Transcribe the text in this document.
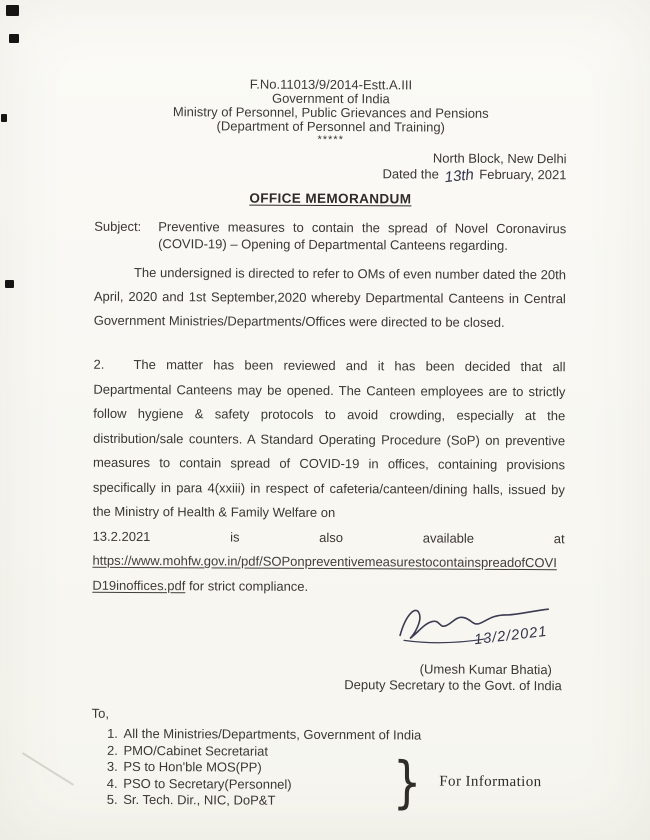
F.No.11013/9/2014-Estt.A.III
Government of India
Ministry of Personnel, Public Grievances and Pensions
(Department of Personnel and Training)
*****
North Block, New Delhi
Dated the 13th February, 2021
OFFICE MEMORANDUM
Subject:	Preventive measures to contain the spread of Novel Coronavirus (COVID-19) – Opening of Departmental Canteens regarding.

The undersigned is directed to refer to OMs of even number dated the 20th April, 2020 and 1st September,2020 whereby Departmental Canteens in Central Government Ministries/Departments/Offices were directed to be closed.

2. The matter has been reviewed and it has been decided that all Departmental Canteens may be opened. The Canteen employees are to strictly follow hygiene & safety protocols to avoid crowding, especially at the distribution/sale counters. A Standard Operating Procedure (SoP) on preventive measures to contain spread of COVID-19 in offices, containing provisions specifically in para 4(xxiii) in respect of cafeteria/canteen/dining halls, issued by the Ministry of Health & Family Welfare on

13.2.2021 is also available at
https://www.mohfw.gov.in/pdf/SOPonpreventivemeasurestocontainspreadofCOVID19inoffices.pdf for strict compliance.
13/2/2021
(Umesh Kumar Bhatia)
Deputy Secretary to the Govt. of India
To,
1. All the Ministries/Departments, Government of India
2. PMO/Cabinet Secretariat
3. PS to Hon'ble MOS(PP)
4. PSO to Secretary(Personnel)
5. Sr. Tech. Dir., NIC, DoP&T	} For Information
